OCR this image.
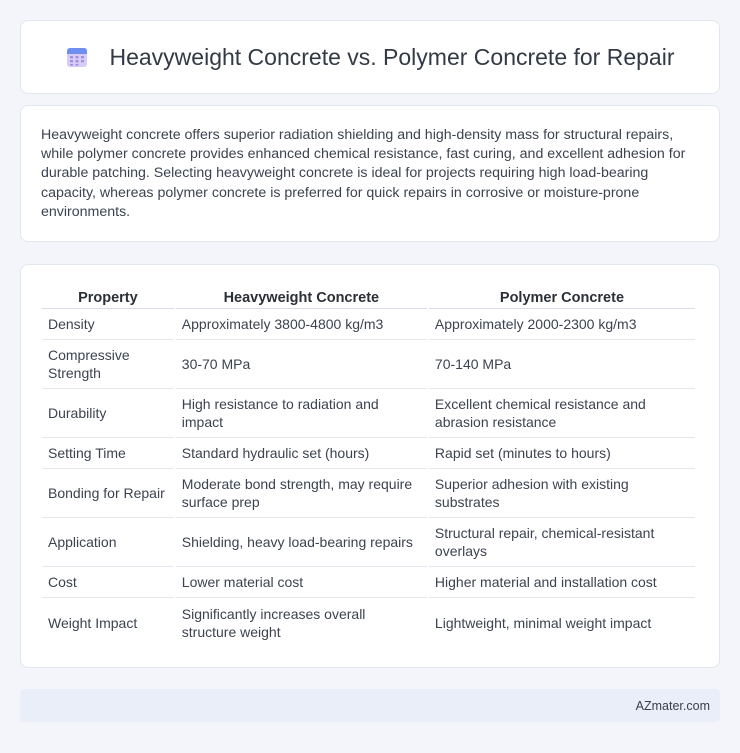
Heavyweight Concrete vs. Polymer Concrete for Repair

Heavyweight concrete offers superior radiation shielding and high-density mass for structural repairs, while polymer concrete provides enhanced chemical resistance, fast curing, and excellent adhesion for durable patching. Selecting heavyweight concrete is ideal for projects requiring high load-bearing capacity, whereas polymer concrete is preferred for quick repairs in corrosive or moisture-prone environments.

Property	Heavyweight Concrete	Polymer Concrete
Density	Approximately 3800-4800 kg/m3	Approximately 2000-2300 kg/m3
Compressive Strength	30-70 MPa	70-140 MPa
Durability	High resistance to radiation and impact	Excellent chemical resistance and abrasion resistance
Setting Time	Standard hydraulic set (hours)	Rapid set (minutes to hours)
Bonding for Repair	Moderate bond strength, may require surface prep	Superior adhesion with existing substrates
Application	Shielding, heavy load-bearing repairs	Structural repair, chemical-resistant overlays
Cost	Lower material cost	Higher material and installation cost
Weight Impact	Significantly increases overall structure weight	Lightweight, minimal weight impact
AZmater.com
